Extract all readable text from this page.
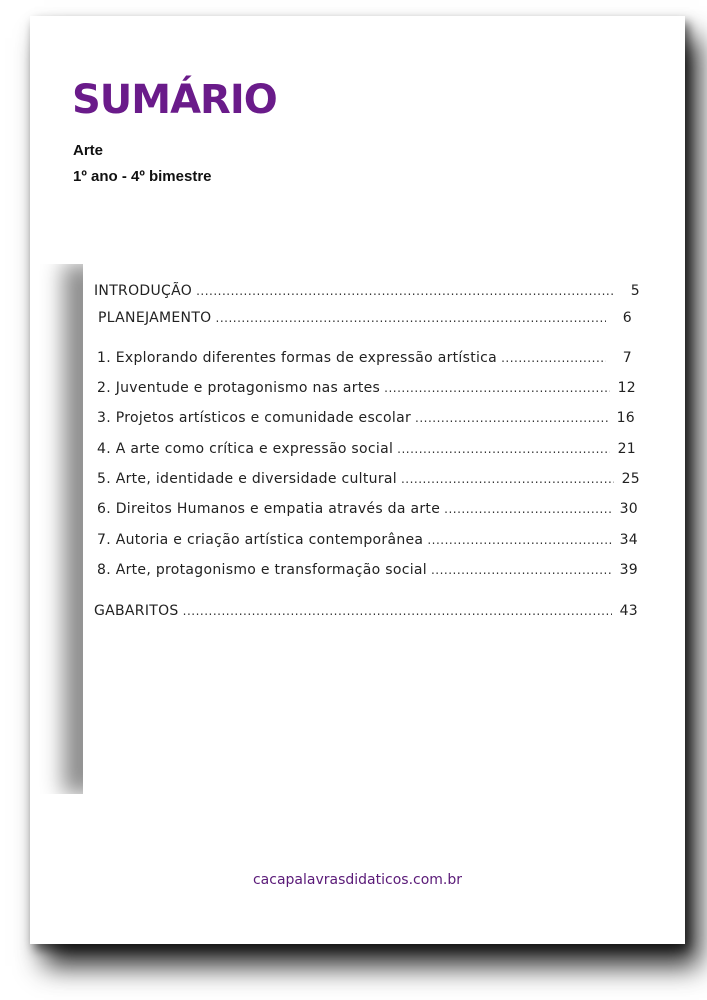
SUMÁRIO
Arte
1º ano - 4º bimestre
INTRODUÇÃO .....	5
PLANEJAMENTO .....	6
1. Explorando diferentes formas de expressão artística .....	7
2. Juventude e protagonismo nas artes .....	12
3. Projetos artísticos e comunidade escolar .....	16
4. A arte como crítica e expressão social .....	21
5. Arte, identidade e diversidade cultural .....	25
6. Direitos Humanos e empatia através da arte .....	30
7. Autoria e criação artística contemporânea .....	34
8. Arte, protagonismo e transformação social .....	39
GABARITOS .....	43
cacapalavrasdidaticos.com.br
